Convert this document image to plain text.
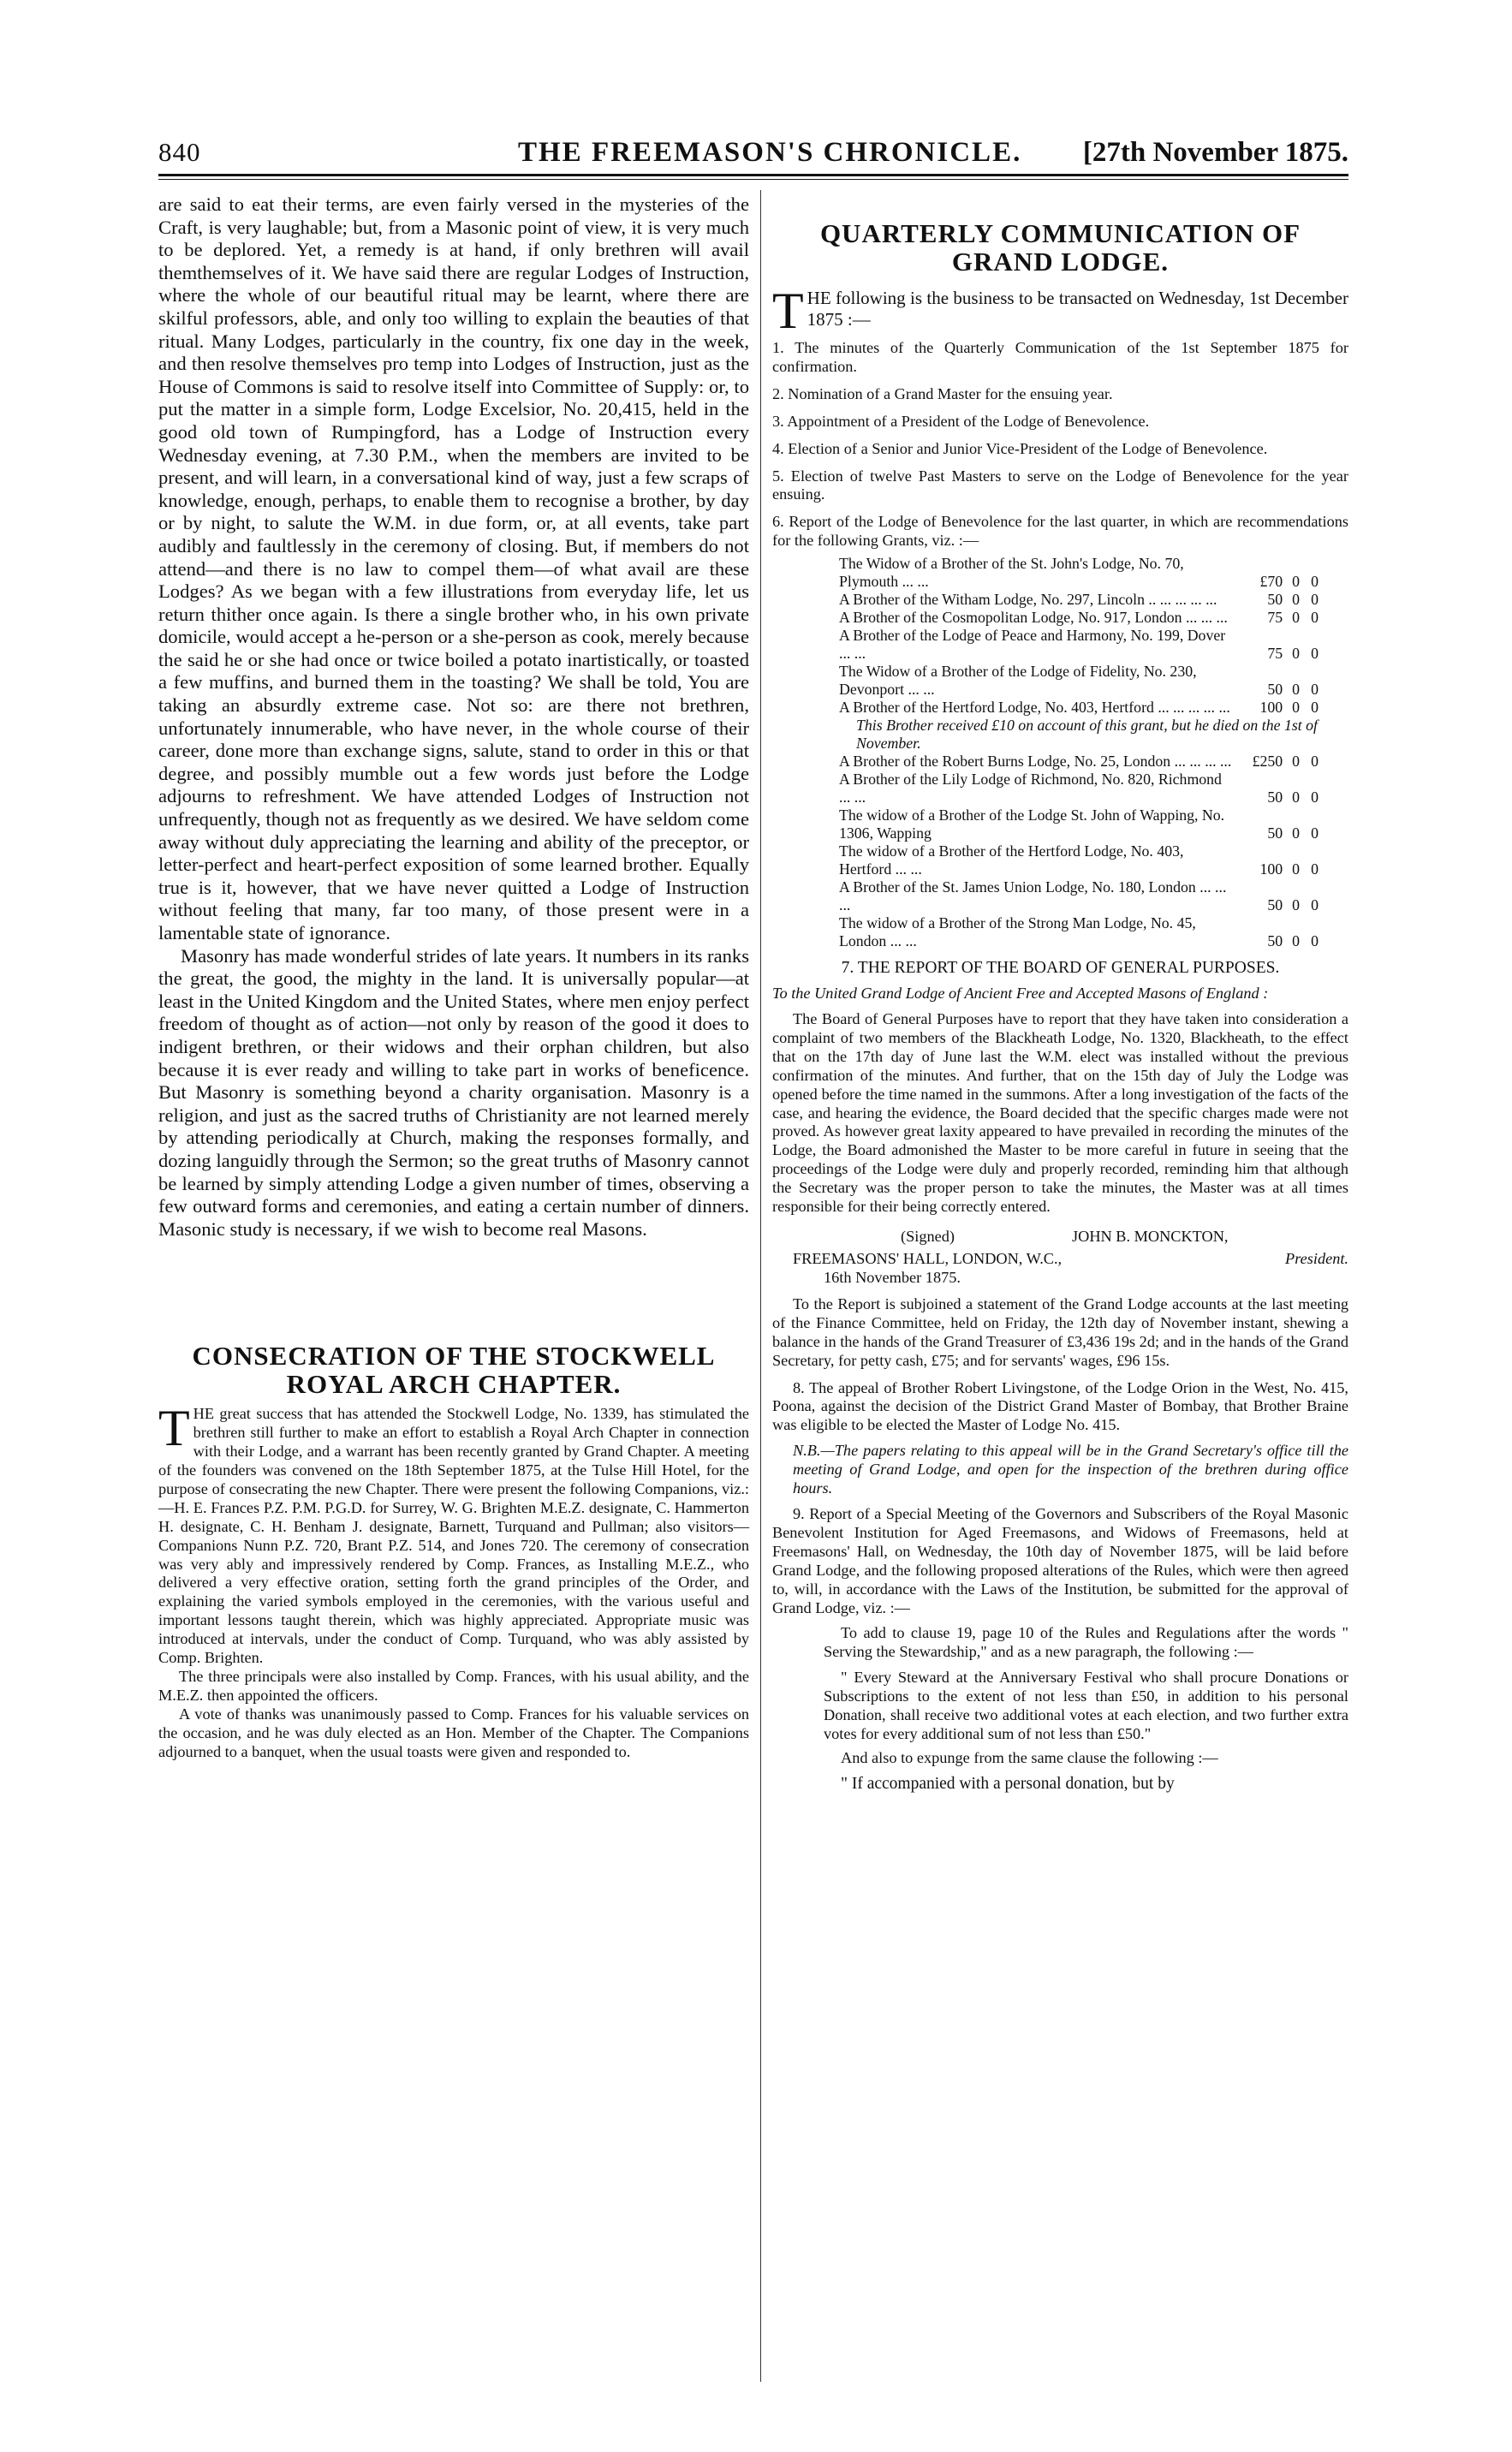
840	THE FREEMASON'S CHRONICLE. [27th November 1875.

are said to eat their terms, are even fairly versed in the mysteries of the Craft, is very laughable; but, from a Masonic point of view, it is very much to be deplored. Yet, a remedy is at hand, if only brethren will avail themthemselves of it. We have said there are regular Lodges of Instruction, where the whole of our beautiful ritual may be learnt, where there are skilful professors, able, and only too willing to explain the beauties of that ritual. Many Lodges, particularly in the country, fix one day in the week, and then resolve themselves pro temp into Lodges of Instruction, just as the House of Commons is said to resolve itself into Committee of Supply: or, to put the matter in a simple form, Lodge Excelsior, No. 20,415, held in the good old town of Rumpingford, has a Lodge of Instruction every Wednesday evening, at 7.30 P.M., when the members are invited to be present, and will learn, in a conversational kind of way, just a few scraps of knowledge, enough, perhaps, to enable them to recognise a brother, by day or by night, to salute the W.M. in due form, or, at all events, take part audibly and faultlessly in the ceremony of closing. But, if members do not attend—and there is no law to compel them—of what avail are these Lodges? As we began with a few illustrations from everyday life, let us return thither once again. Is there a single brother who, in his own private domicile, would accept a he-person or a she-person as cook, merely because the said he or she had once or twice boiled a potato inartistically, or toasted a few muffins, and burned them in the toasting? We shall be told, You are taking an absurdly extreme case. Not so: are there not brethren, unfortunately innumerable, who have never, in the whole course of their career, done more than exchange signs, salute, stand to order in this or that degree, and possibly mumble out a few words just before the Lodge adjourns to refreshment. We have attended Lodges of Instruction not unfrequently, though not as frequently as we desired. We have seldom come away without duly appreciating the learning and ability of the preceptor, or letter-perfect and heart-perfect exposition of some learned brother. Equally true is it, however, that we have never quitted a Lodge of Instruction without feeling that many, far too many, of those present were in a lamentable state of ignorance.

Masonry has made wonderful strides of late years. It numbers in its ranks the great, the good, the mighty in the land. It is universally popular—at least in the United Kingdom and the United States, where men enjoy perfect freedom of thought as of action—not only by reason of the good it does to indigent brethren, or their widows and their orphan children, but also because it is ever ready and willing to take part in works of beneficence. But Masonry is something beyond a charity organisation. Masonry is a religion, and just as the sacred truths of Christianity are not learned merely by attending periodically at Church, making the responses formally, and dozing languidly through the Sermon; so the great truths of Masonry cannot be learned by simply attending Lodge a given number of times, observing a few outward forms and ceremonies, and eating a certain number of dinners. Masonic study is necessary, if we wish to become real Masons.

CONSECRATION OF THE STOCKWELL ROYAL ARCH CHAPTER.

T HE great success that has attended the Stockwell Lodge, No. 1339, has stimulated the brethren still further to make an effort to establish a Royal Arch Chapter in connection with their Lodge, and a warrant has been recently granted by Grand Chapter. A meeting of the founders was convened on the 18th September 1875, at the Tulse Hill Hotel, for the purpose of consecrating the new Chapter. There were present the following Companions, viz.:—H. E. Frances P.Z. P.M. P.G.D. for Surrey, W. G. Brighten M.E.Z. designate, C. Hammerton H. designate, C. H. Benham J. designate, Barnett, Turquand and Pullman; also visitors—Companions Nunn P.Z. 720, Brant P.Z. 514, and Jones 720. The ceremony of consecration was very ably and impressively rendered by Comp. Frances, as Installing M.E.Z., who delivered a very effective oration, setting forth the grand principles of the Order, and explaining the varied symbols employed in the ceremonies, with the various useful and important lessons taught therein, which was highly appreciated. Appropriate music was introduced at intervals, under the conduct of Comp. Turquand, who was ably assisted by Comp. Brighten.

The three principals were also installed by Comp. Frances, with his usual ability, and the M.E.Z. then appointed the officers.

A vote of thanks was unanimously passed to Comp. Frances for his valuable services on the occasion, and he was duly elected as an Hon. Member of the Chapter. The Companions adjourned to a banquet, when the usual toasts were given and responded to.

QUARTERLY COMMUNICATION OF GRAND LODGE.

T HE following is the business to be transacted on Wednesday, 1st December 1875 :—

1. The minutes of the Quarterly Communication of the 1st September 1875 for confirmation.

2. Nomination of a Grand Master for the ensuing year.

3. Appointment of a President of the Lodge of Benevolence.

4. Election of a Senior and Junior Vice-President of the Lodge of Benevolence.

5. Election of twelve Past Masters to serve on the Lodge of Benevolence for the year ensuing.

6. Report of the Lodge of Benevolence for the last quarter, in which are recommendations for the following Grants, viz. :—

The Widow of a Brother of the St. John's Lodge, No. 70, Plymouth ... ...	£70 0 0
A Brother of the Witham Lodge, No. 297, Lincoln .. ... ... ... ...	50 0 0
A Brother of the Cosmopolitan Lodge, No. 917, London ... ... ...	75 0 0
A Brother of the Lodge of Peace and Harmony, No. 199, Dover ... ...	75 0 0
The Widow of a Brother of the Lodge of Fidelity, No. 230, Devonport ... ...	50 0 0
A Brother of the Hertford Lodge, No. 403, Hertford ... ... ... ... ...	100 0 0
This Brother received £10 on account of this grant, but he died on the 1st of November.
A Brother of the Robert Burns Lodge, No. 25, London ... ... ... ...	£250 0 0
A Brother of the Lily Lodge of Richmond, No. 820, Richmond ... ...	50 0 0
The widow of a Brother of the Lodge St. John of Wapping, No. 1306, Wapping	50 0 0
The widow of a Brother of the Hertford Lodge, No. 403, Hertford ... ...	100 0 0
A Brother of the St. James Union Lodge, No. 180, London ... ... ...	50 0 0
The widow of a Brother of the Strong Man Lodge, No. 45, London ... ...	50 0 0

7. THE REPORT OF THE BOARD OF GENERAL PURPOSES.

To the United Grand Lodge of Ancient Free and Accepted Masons of England :

The Board of General Purposes have to report that they have taken into consideration a complaint of two members of the Blackheath Lodge, No. 1320, Blackheath, to the effect that on the 17th day of June last the W.M. elect was installed without the previous confirmation of the minutes. And further, that on the 15th day of July the Lodge was opened before the time named in the summons. After a long investigation of the facts of the case, and hearing the evidence, the Board decided that the specific charges made were not proved. As however great laxity appeared to have prevailed in recording the minutes of the Lodge, the Board admonished the Master to be more careful in future in seeing that the proceedings of the Lodge were duly and properly recorded, reminding him that although the Secretary was the proper person to take the minutes, the Master was at all times responsible for their being correctly entered.

(Signed)	JOHN B. MONCKTON,
FREEMASONS' HALL, LONDON, W.C.,	President.
16th November 1875.

To the Report is subjoined a statement of the Grand Lodge accounts at the last meeting of the Finance Committee, held on Friday, the 12th day of November instant, shewing a balance in the hands of the Grand Treasurer of £3,436 19s 2d; and in the hands of the Grand Secretary, for petty cash, £75; and for servants' wages, £96 15s.

8. The appeal of Brother Robert Livingstone, of the Lodge Orion in the West, No. 415, Poona, against the decision of the District Grand Master of Bombay, that Brother Braine was eligible to be elected the Master of Lodge No. 415.

N.B.—The papers relating to this appeal will be in the Grand Secretary's office till the meeting of Grand Lodge, and open for the inspection of the brethren during office hours.

9. Report of a Special Meeting of the Governors and Subscribers of the Royal Masonic Benevolent Institution for Aged Freemasons, and Widows of Freemasons, held at Freemasons' Hall, on Wednesday, the 10th day of November 1875, will be laid before Grand Lodge, and the following proposed alterations of the Rules, which were then agreed to, will, in accordance with the Laws of the Institution, be submitted for the approval of Grand Lodge, viz. :—

To add to clause 19, page 10 of the Rules and Regulations after the words " Serving the Stewardship," and as a new paragraph, the following :—

" Every Steward at the Anniversary Festival who shall procure Donations or Subscriptions to the extent of not less than £50, in addition to his personal Donation, shall receive two additional votes at each election, and two further extra votes for every additional sum of not less than £50."

And also to expunge from the same clause the following :—

" If accompanied with a personal donation, but by
